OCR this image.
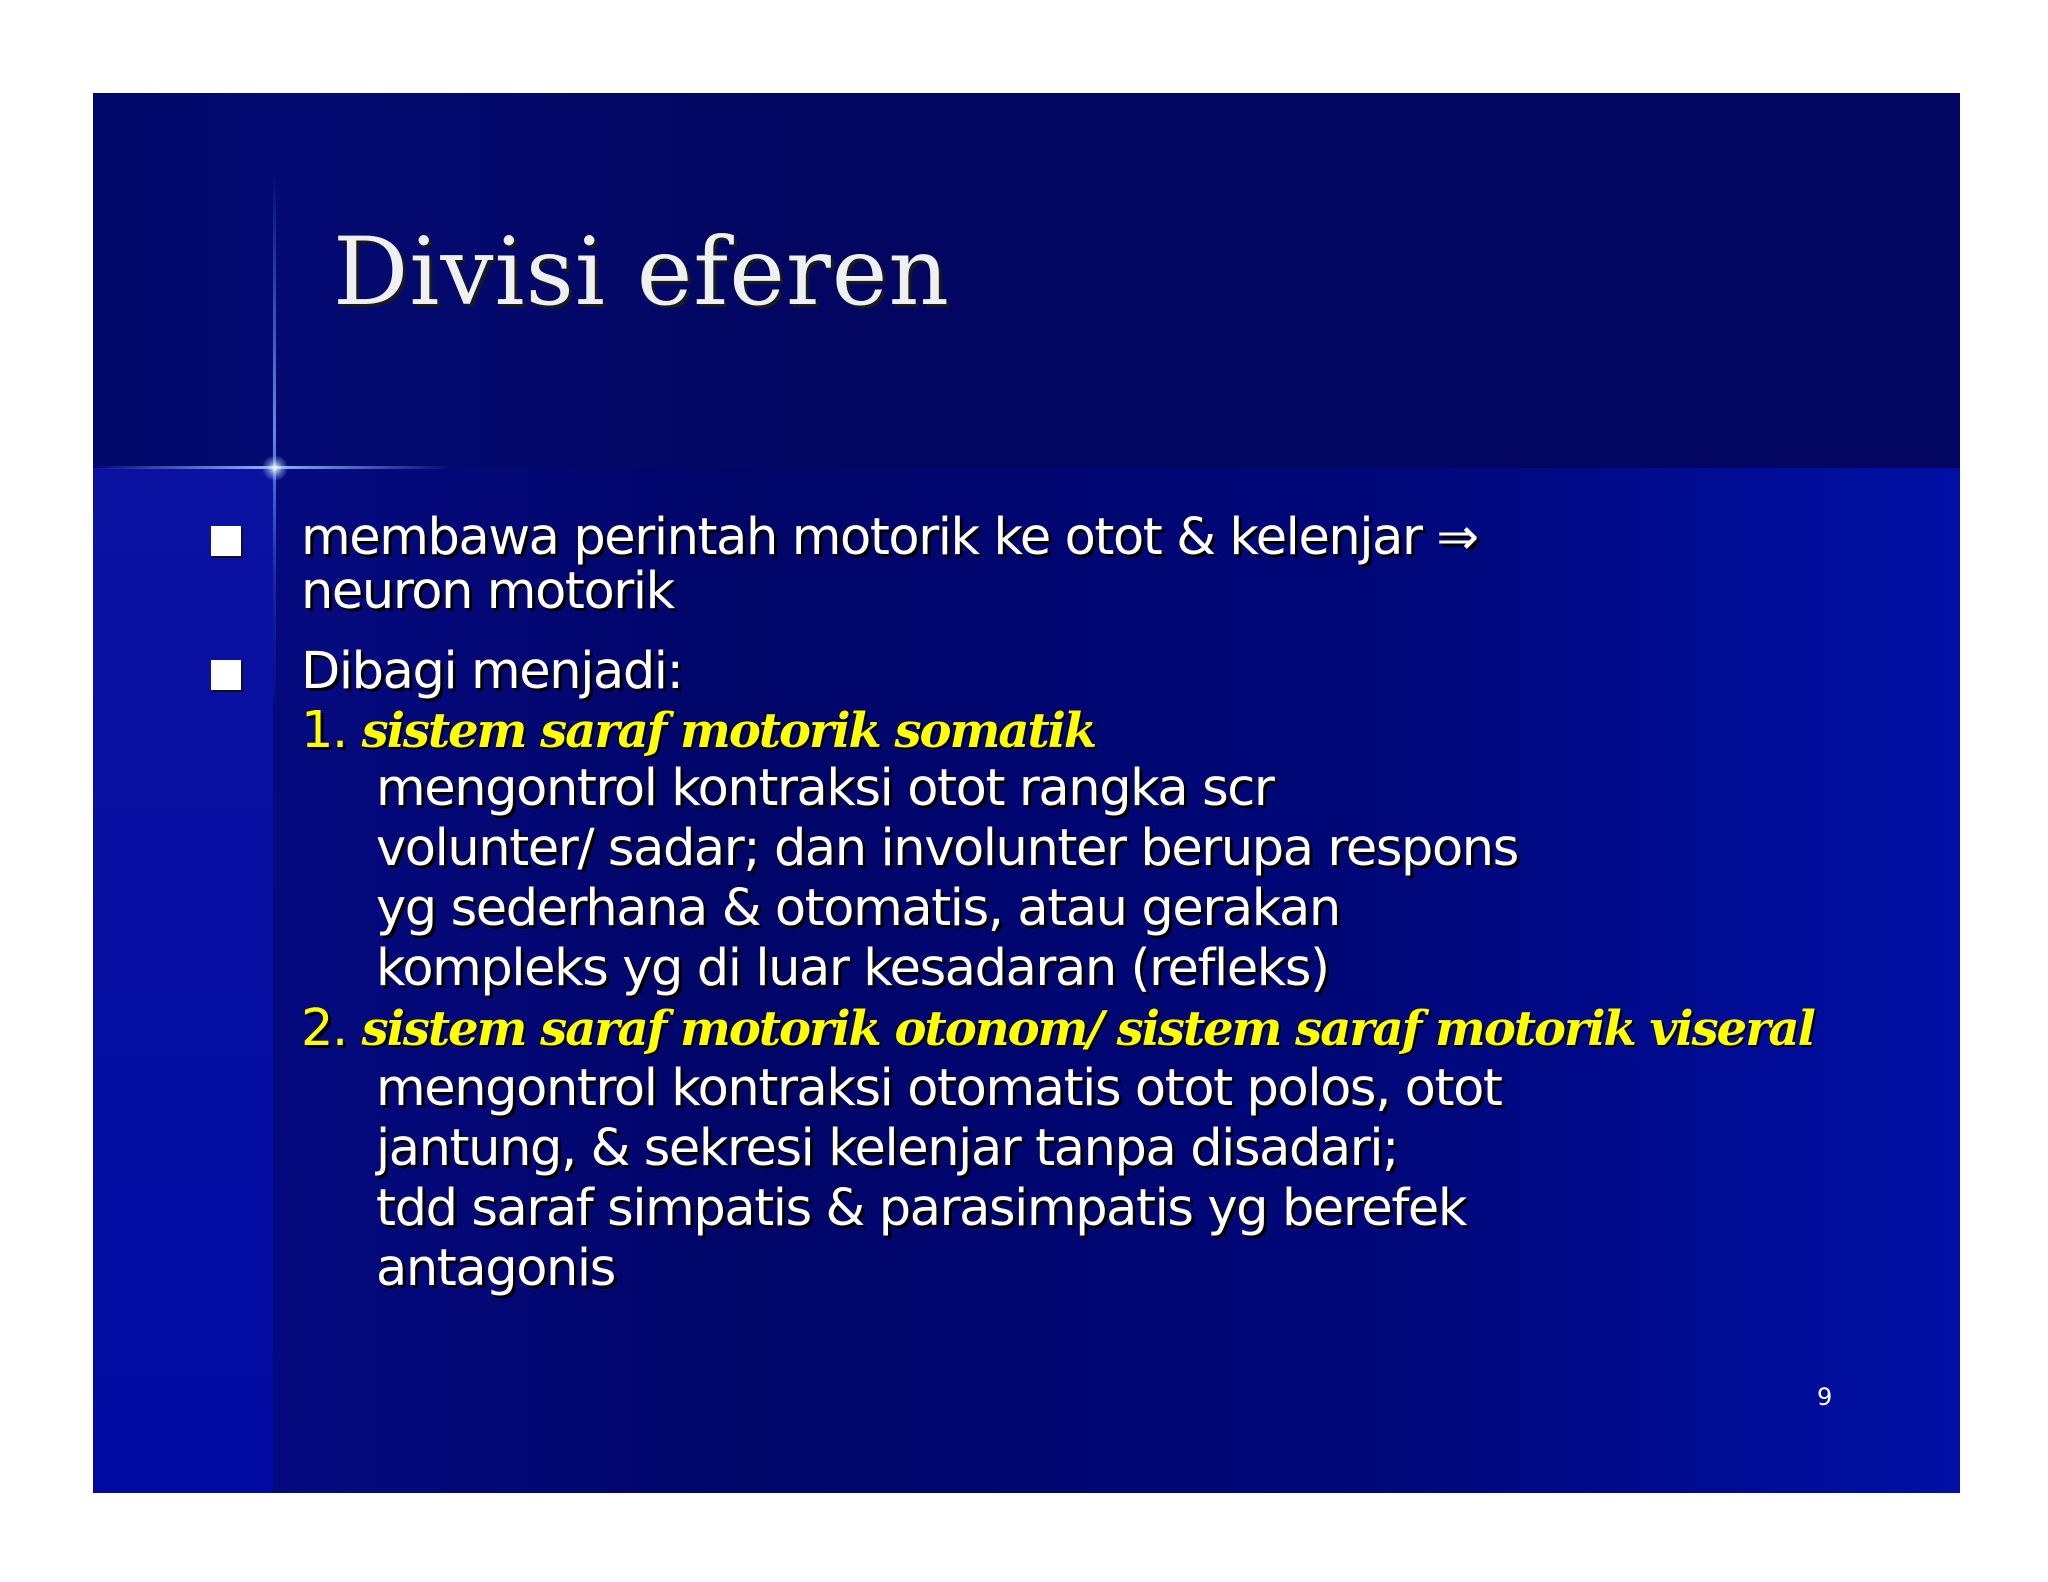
Divisi eferen

membawa perintah motorik ke otot & kelenjar ⇒

neuron motorik

Dibagi menjadi:

1. sistem saraf motorik somatik

mengontrol kontraksi otot rangka scr

volunter/ sadar; dan involunter berupa respons

yg sederhana & otomatis, atau gerakan

kompleks yg di luar kesadaran (refleks)

2. sistem saraf motorik otonom/ sistem saraf motorik viseral

mengontrol kontraksi otomatis otot polos, otot

jantung, & sekresi kelenjar tanpa disadari;

tdd saraf simpatis & parasimpatis yg berefek

antagonis

9
